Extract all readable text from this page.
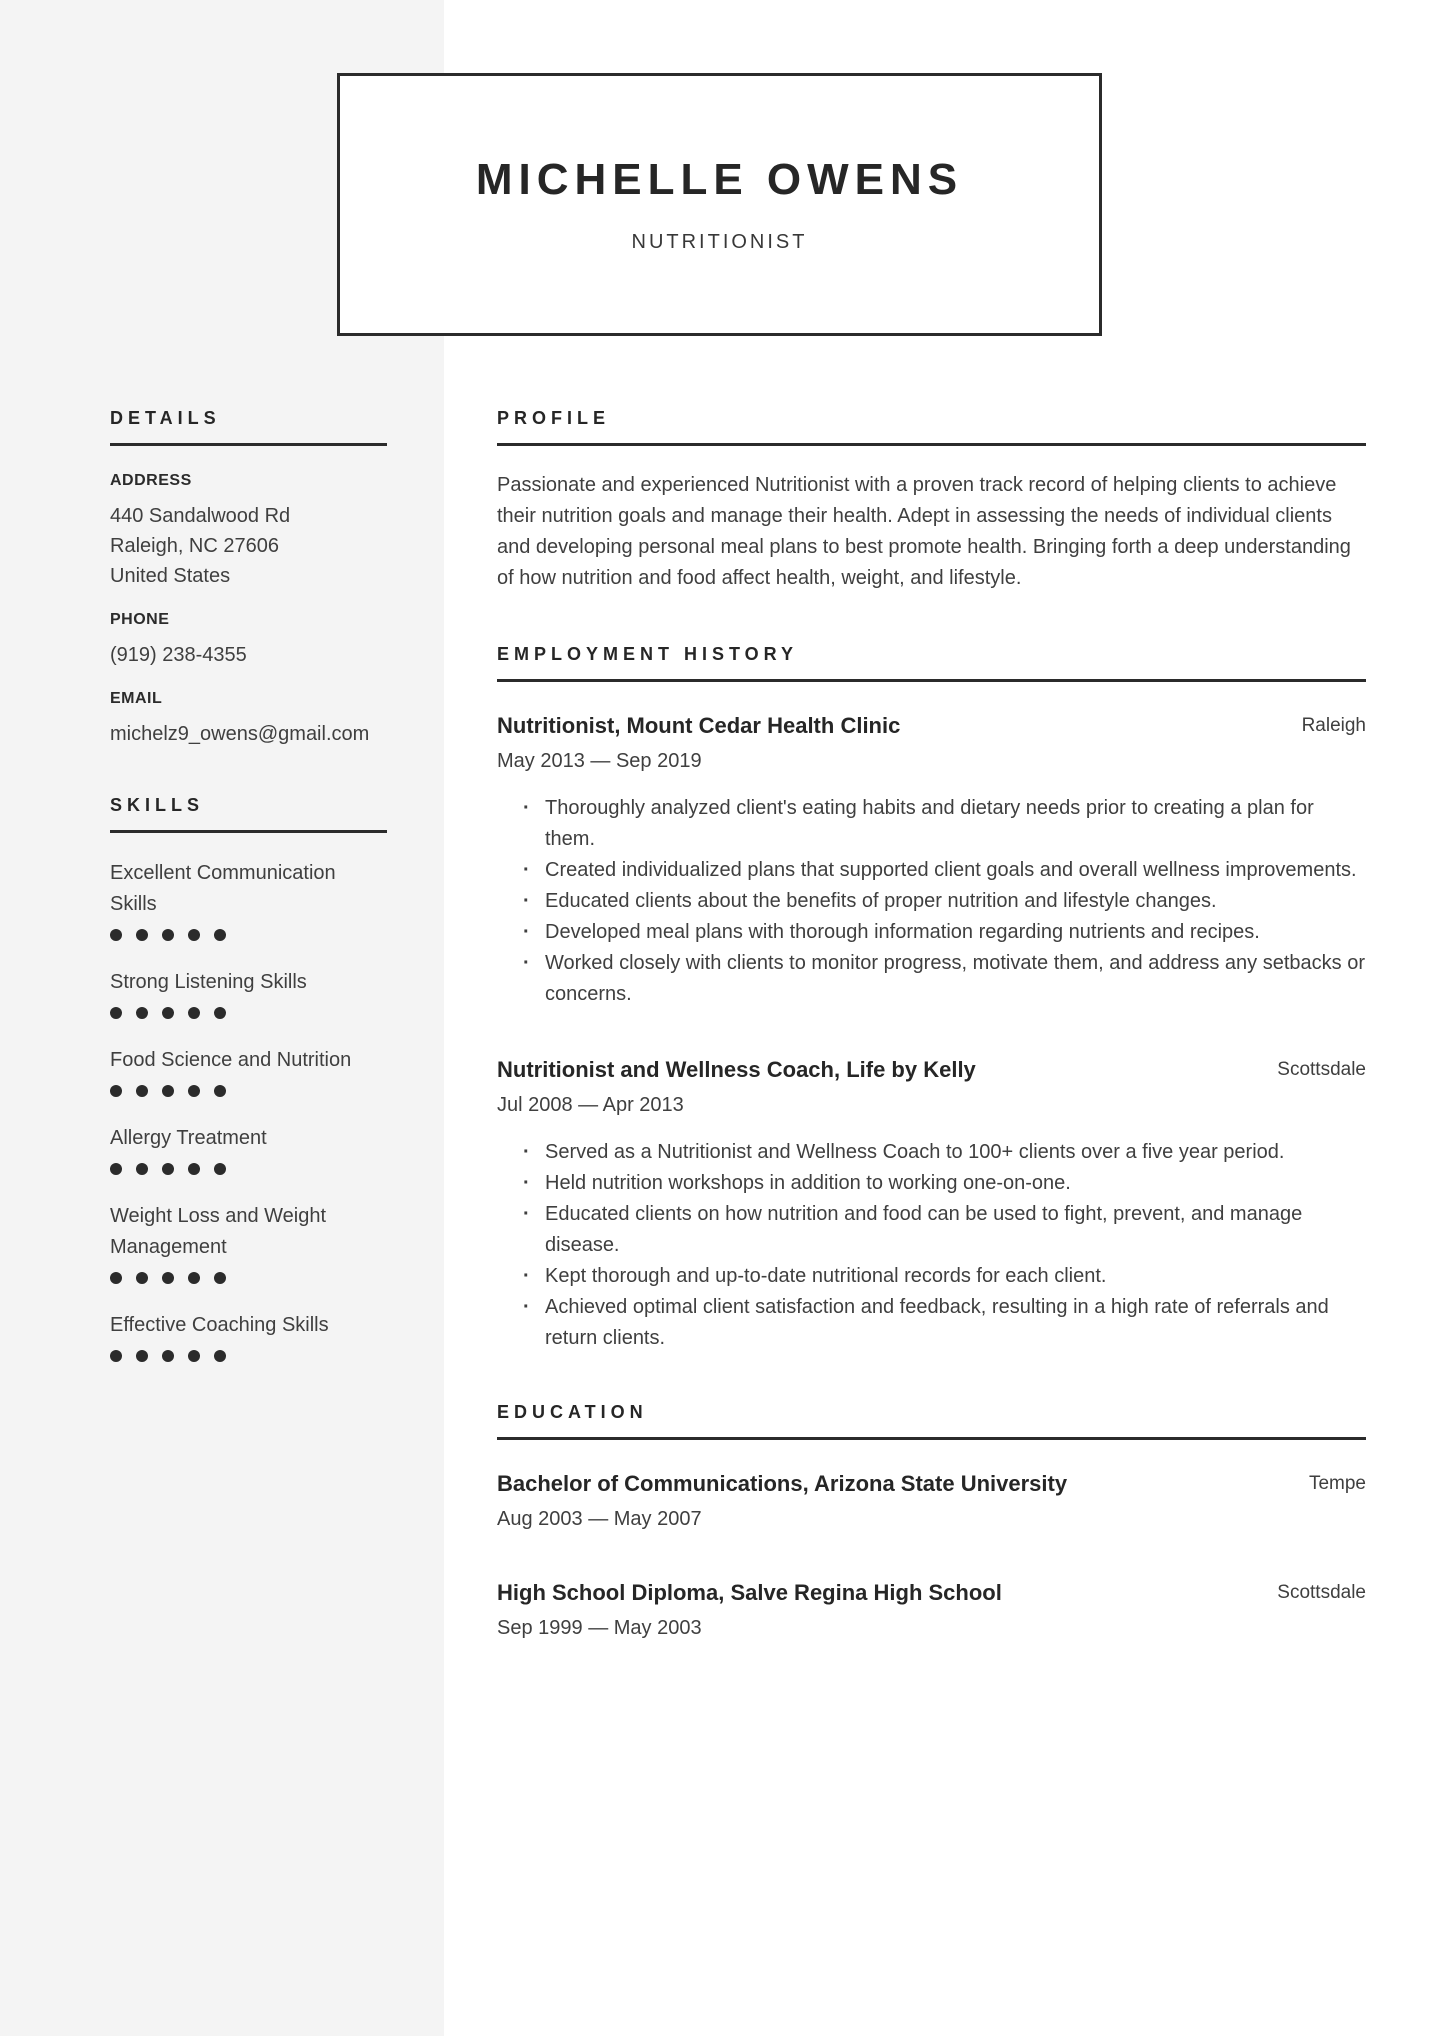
MICHELLE OWENS
NUTRITIONIST
DETAILS
ADDRESS
440 Sandalwood Rd
Raleigh, NC 27606
United States
PHONE
(919) 238-4355
EMAIL
michelz9_owens@gmail.com
SKILLS
Excellent Communication Skills
Strong Listening Skills
Food Science and Nutrition
Allergy Treatment
Weight Loss and Weight Management
Effective Coaching Skills
PROFILE

Passionate and experienced Nutritionist with a proven track record of helping clients to achieve their nutrition goals and manage their health. Adept in assessing the needs of individual clients and developing personal meal plans to best promote health. Bringing forth a deep understanding of how nutrition and food affect health, weight, and lifestyle.

EMPLOYMENT HISTORY
Nutritionist, Mount Cedar Health Clinic	Raleigh
May 2013 — Sep 2019
· Thoroughly analyzed client's eating habits and dietary needs prior to creating a plan for them.
· Created individualized plans that supported client goals and overall wellness improvements.
· Educated clients about the benefits of proper nutrition and lifestyle changes.
· Developed meal plans with thorough information regarding nutrients and recipes.
· Worked closely with clients to monitor progress, motivate them, and address any setbacks or concerns.
Nutritionist and Wellness Coach, Life by Kelly	Scottsdale
Jul 2008 — Apr 2013
· Served as a Nutritionist and Wellness Coach to 100+ clients over a five year period.
· Held nutrition workshops in addition to working one-on-one.
· Educated clients on how nutrition and food can be used to fight, prevent, and manage disease.
· Kept thorough and up-to-date nutritional records for each client.
· Achieved optimal client satisfaction and feedback, resulting in a high rate of referrals and return clients.
EDUCATION
Bachelor of Communications, Arizona State University	Tempe
Aug 2003 — May 2007
High School Diploma, Salve Regina High School	Scottsdale
Sep 1999 — May 2003
